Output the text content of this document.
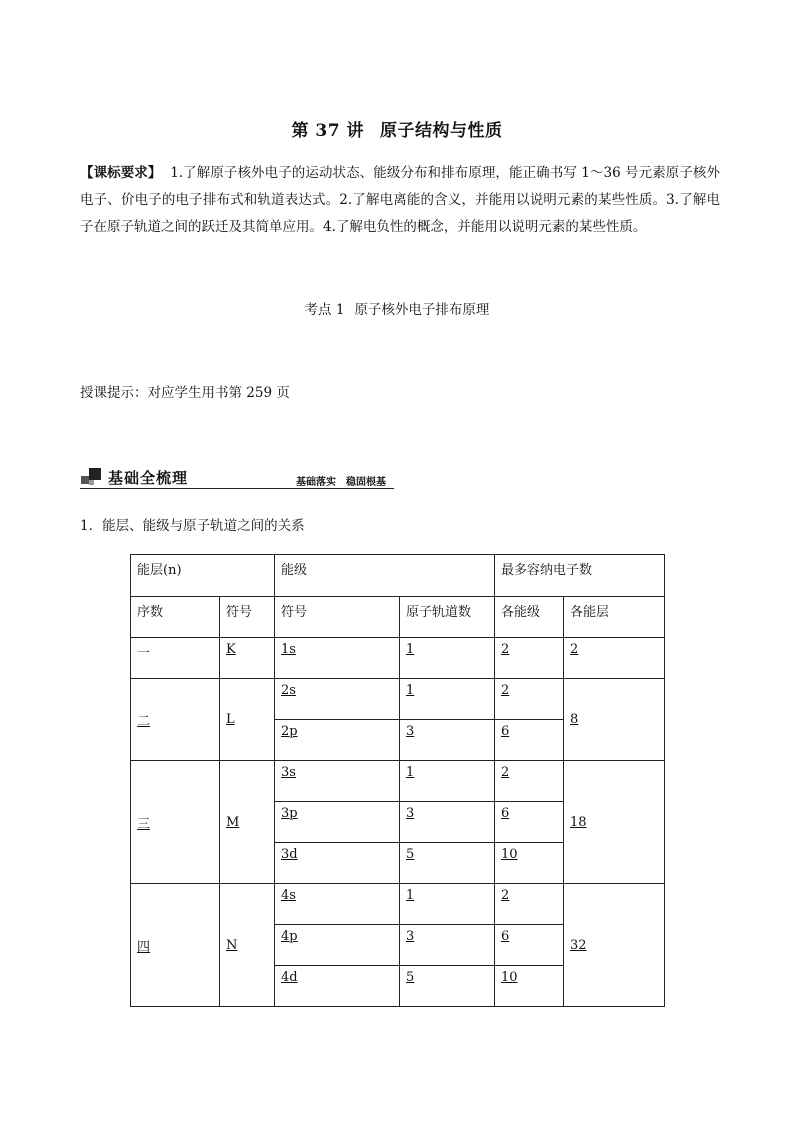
第 37 讲 原子结构与性质
【课标要求】 1.了解原子核外电子的运动状态、能级分布和排布原理，能正确书写 1～36 号元素原子核外电子、价电子的电子排布式和轨道表达式。2.了解电离能的含义，并能用以说明元素的某些性质。3.了解电子在原子轨道之间的跃迁及其简单应用。4.了解电负性的概念，并能用以说明元素的某些性质。
考点 1 原子核外电子排布原理
授课提示：对应学生用书第 259 页
基础全梳理	基础落实　稳固根基
1．能层、能级与原子轨道之间的关系
能层(n)		能级		最多容纳电子数	
序数	符号	符号	原子轨道数	各能级	各能层
一	K	1s	1	2	2
二	L	2s	1	2	8
		2p	3	6	
三	M	3s	1	2	18
		3p	3	6	
		3d	5	10	
四	N	4s	1	2	32
		4p	3	6	
		4d	5	10	
